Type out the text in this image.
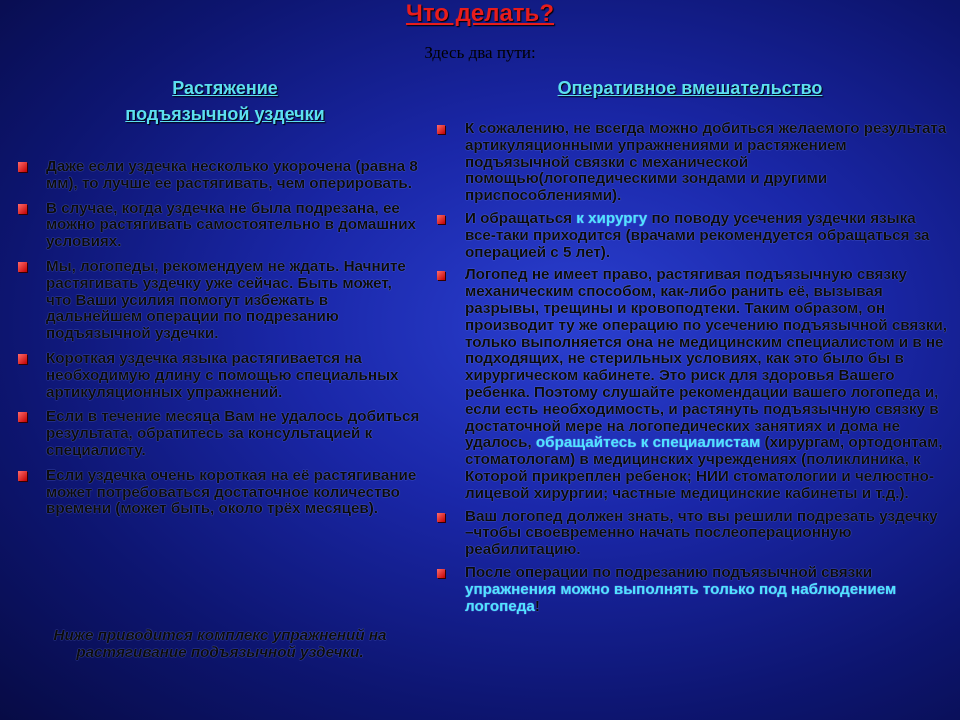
Что делать?
Здесь два пути:
Растяжение
подъязычной уздечки
Оперативное вмешательство
Даже если уздечка несколько укорочена (равна 8 мм), то лучше ее растягивать, чем оперировать.
В случае, когда уздечка не была подрезана, ее можно растягивать самостоятельно в домашних условиях.
Мы, логопеды, рекомендуем не ждать. Начните растягивать уздечку уже сейчас. Быть может, что Ваши усилия помогут избежать в дальнейшем операции по подрезанию подъязычной уздечки.
Короткая уздечка языка растягивается на необходимую длину с помощью специальных артикуляционных упражнений.
Если в течение месяца Вам не удалось добиться результата, обратитесь за консультацией к специалисту.
Если уздечка очень короткая на её растягивание может потребоваться достаточное количество времени (может быть, около трёх месяцев).
Ниже приводится комплекс упражнений на растягивание подъязычной уздечки.
К сожалению, не всегда можно добиться желаемого результата артикуляционными упражнениями и растяжением подъязычной связки с механической помощью(логопедическими зондами и другими приспособлениями).
И обращаться к хирургу по поводу усечения уздечки языка все-таки приходится (врачами рекомендуется обращаться за операцией с 5 лет).
Логопед не имеет право, растягивая подъязычную связку механическим способом, как-либо ранить её, вызывая разрывы, трещины и кровоподтеки. Таким образом, он производит ту же операцию по усечению подъязычной связки, только выполняется она не медицинским специалистом и в не подходящих, не стерильных условиях, как это было бы в хирургическом кабинете. Это риск для здоровья Вашего ребенка. Поэтому слушайте рекомендации вашего логопеда и, если есть необходимость, и растянуть подъязычную связку в достаточной мере на логопедических занятиях и дома не удалось, обращайтесь к специалистам (хирургам, ортодонтам, стоматологам) в медицинских учреждениях (поликлиника, к Которой прикреплен ребенок; НИИ стоматологии и челюстно-лицевой хирургии; частные медицинские кабинеты и т.д.).
Ваш логопед должен знать, что вы решили подрезать уздечку –чтобы своевременно начать послеоперационную реабилитацию.
После операции по подрезанию подъязычной связки упражнения можно выполнять только под наблюдением логопеда!
